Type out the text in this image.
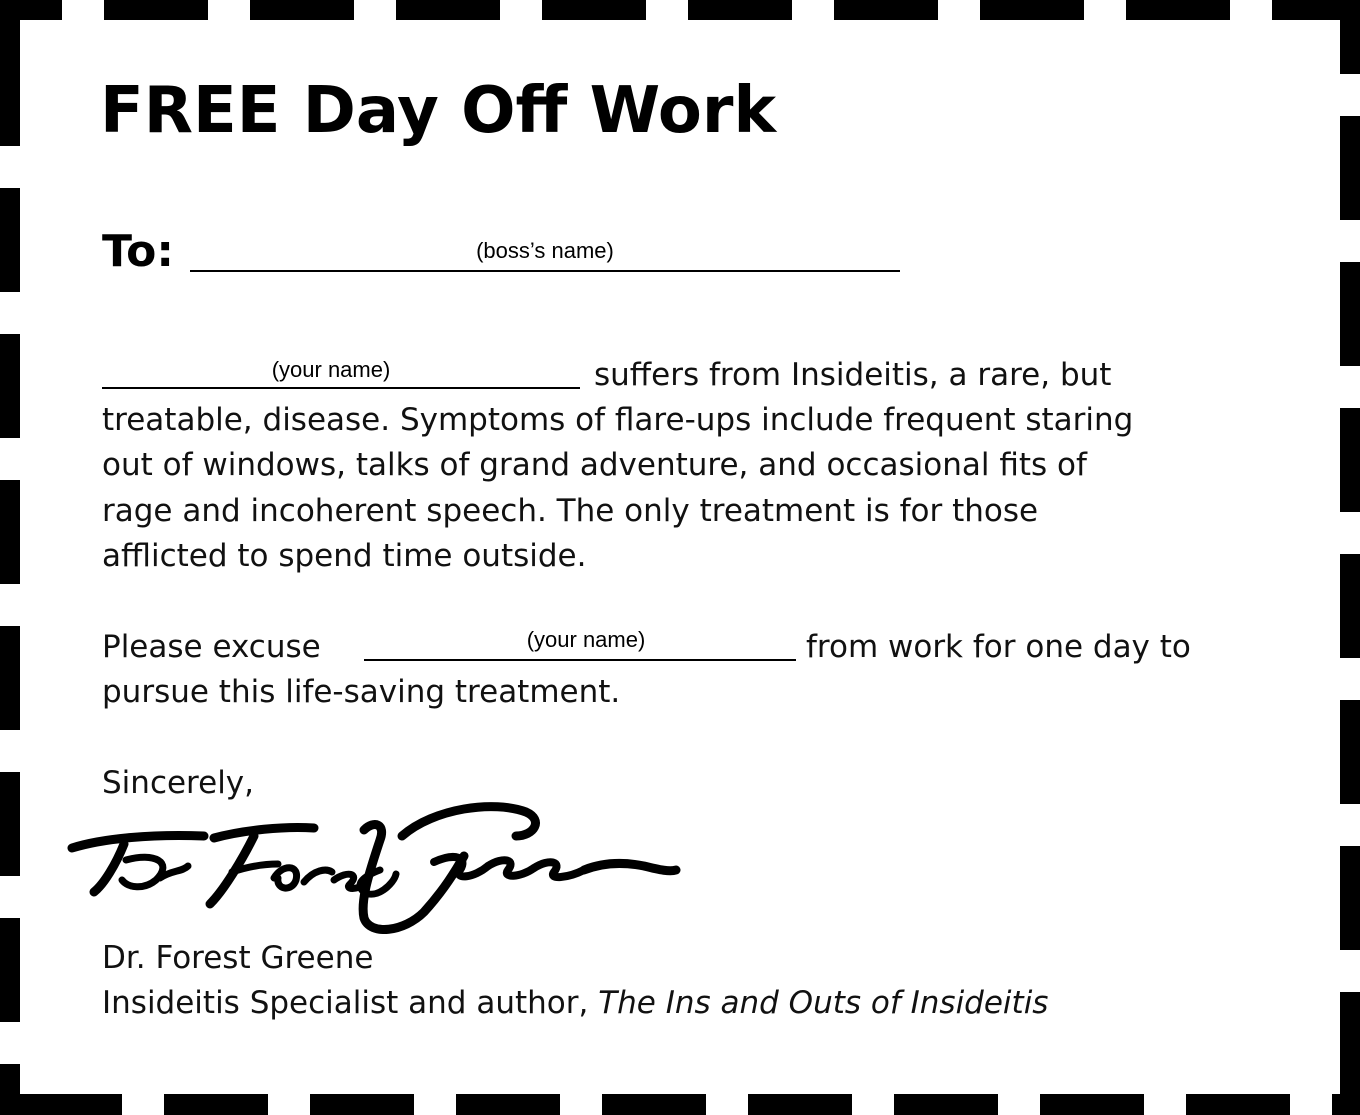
FREE Day Off Work
To:	(boss’s name)
(your name)	suffers from Insideitis, a rare, but

treatable, disease. Symptoms of flare-ups include frequent staring

out of windows, talks of grand adventure, and occasional fits of

rage and incoherent speech. The only treatment is for those

afflicted to spend time outside.

Please excuse	(your name)	from work for one day to

pursue this life-saving treatment.

Sincerely,

Dr. Forest Greene

Insideitis Specialist and author, The Ins and Outs of Insideitis
